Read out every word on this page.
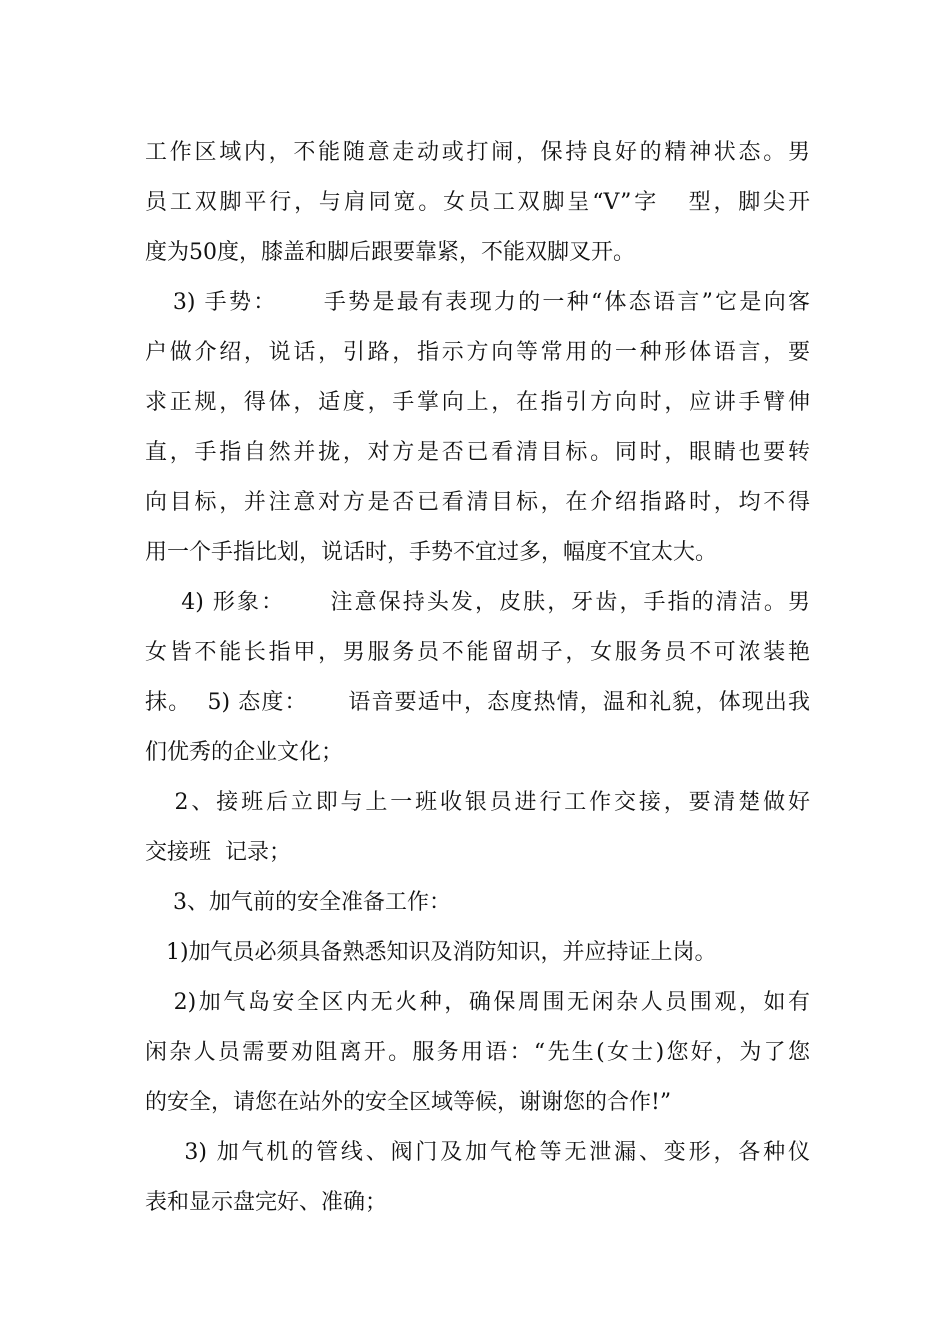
工作区域内，不能随意走动或打闹，保持良好的精神状态。男
员工双脚平行，与肩同宽。女员工双脚呈“V”字   型，脚尖开
度为50度，膝盖和脚后跟要靠紧，不能双脚叉开。
3) 手势：     手势是最有表现力的一种“体态语言”它是向客
户做介绍，说话，引路，指示方向等常用的一种形体语言，要
求正规，得体，适度，手掌向上，在指引方向时，应讲手臂伸
直，手指自然并拢，对方是否已看清目标。同时，眼睛也要转
向目标，并注意对方是否已看清目标，在介绍指路时，均不得
用一个手指比划，说话时，手势不宜过多，幅度不宜太大。
4) 形象：     注意保持头发，皮肤，牙齿，手指的清洁。男
女皆不能长指甲，男服务员不能留胡子，女服务员不可浓装艳
抹。  5) 态度：     语音要适中，态度热情，温和礼貌，体现出我
们优秀的企业文化；
2、接班后立即与上一班收银员进行工作交接，要清楚做好
交接班  记录；
3、加气前的安全准备工作：
1)加气员必须具备熟悉知识及消防知识，并应持证上岗。
2)加气岛安全区内无火种，确保周围无闲杂人员围观，如有
闲杂人员需要劝阻离开。服务用语：“先生(女士)您好，为了您
的安全，请您在站外的安全区域等候，谢谢您的合作!”
3) 加气机的管线、阀门及加气枪等无泄漏、变形，各种仪
表和显示盘完好、准确；
